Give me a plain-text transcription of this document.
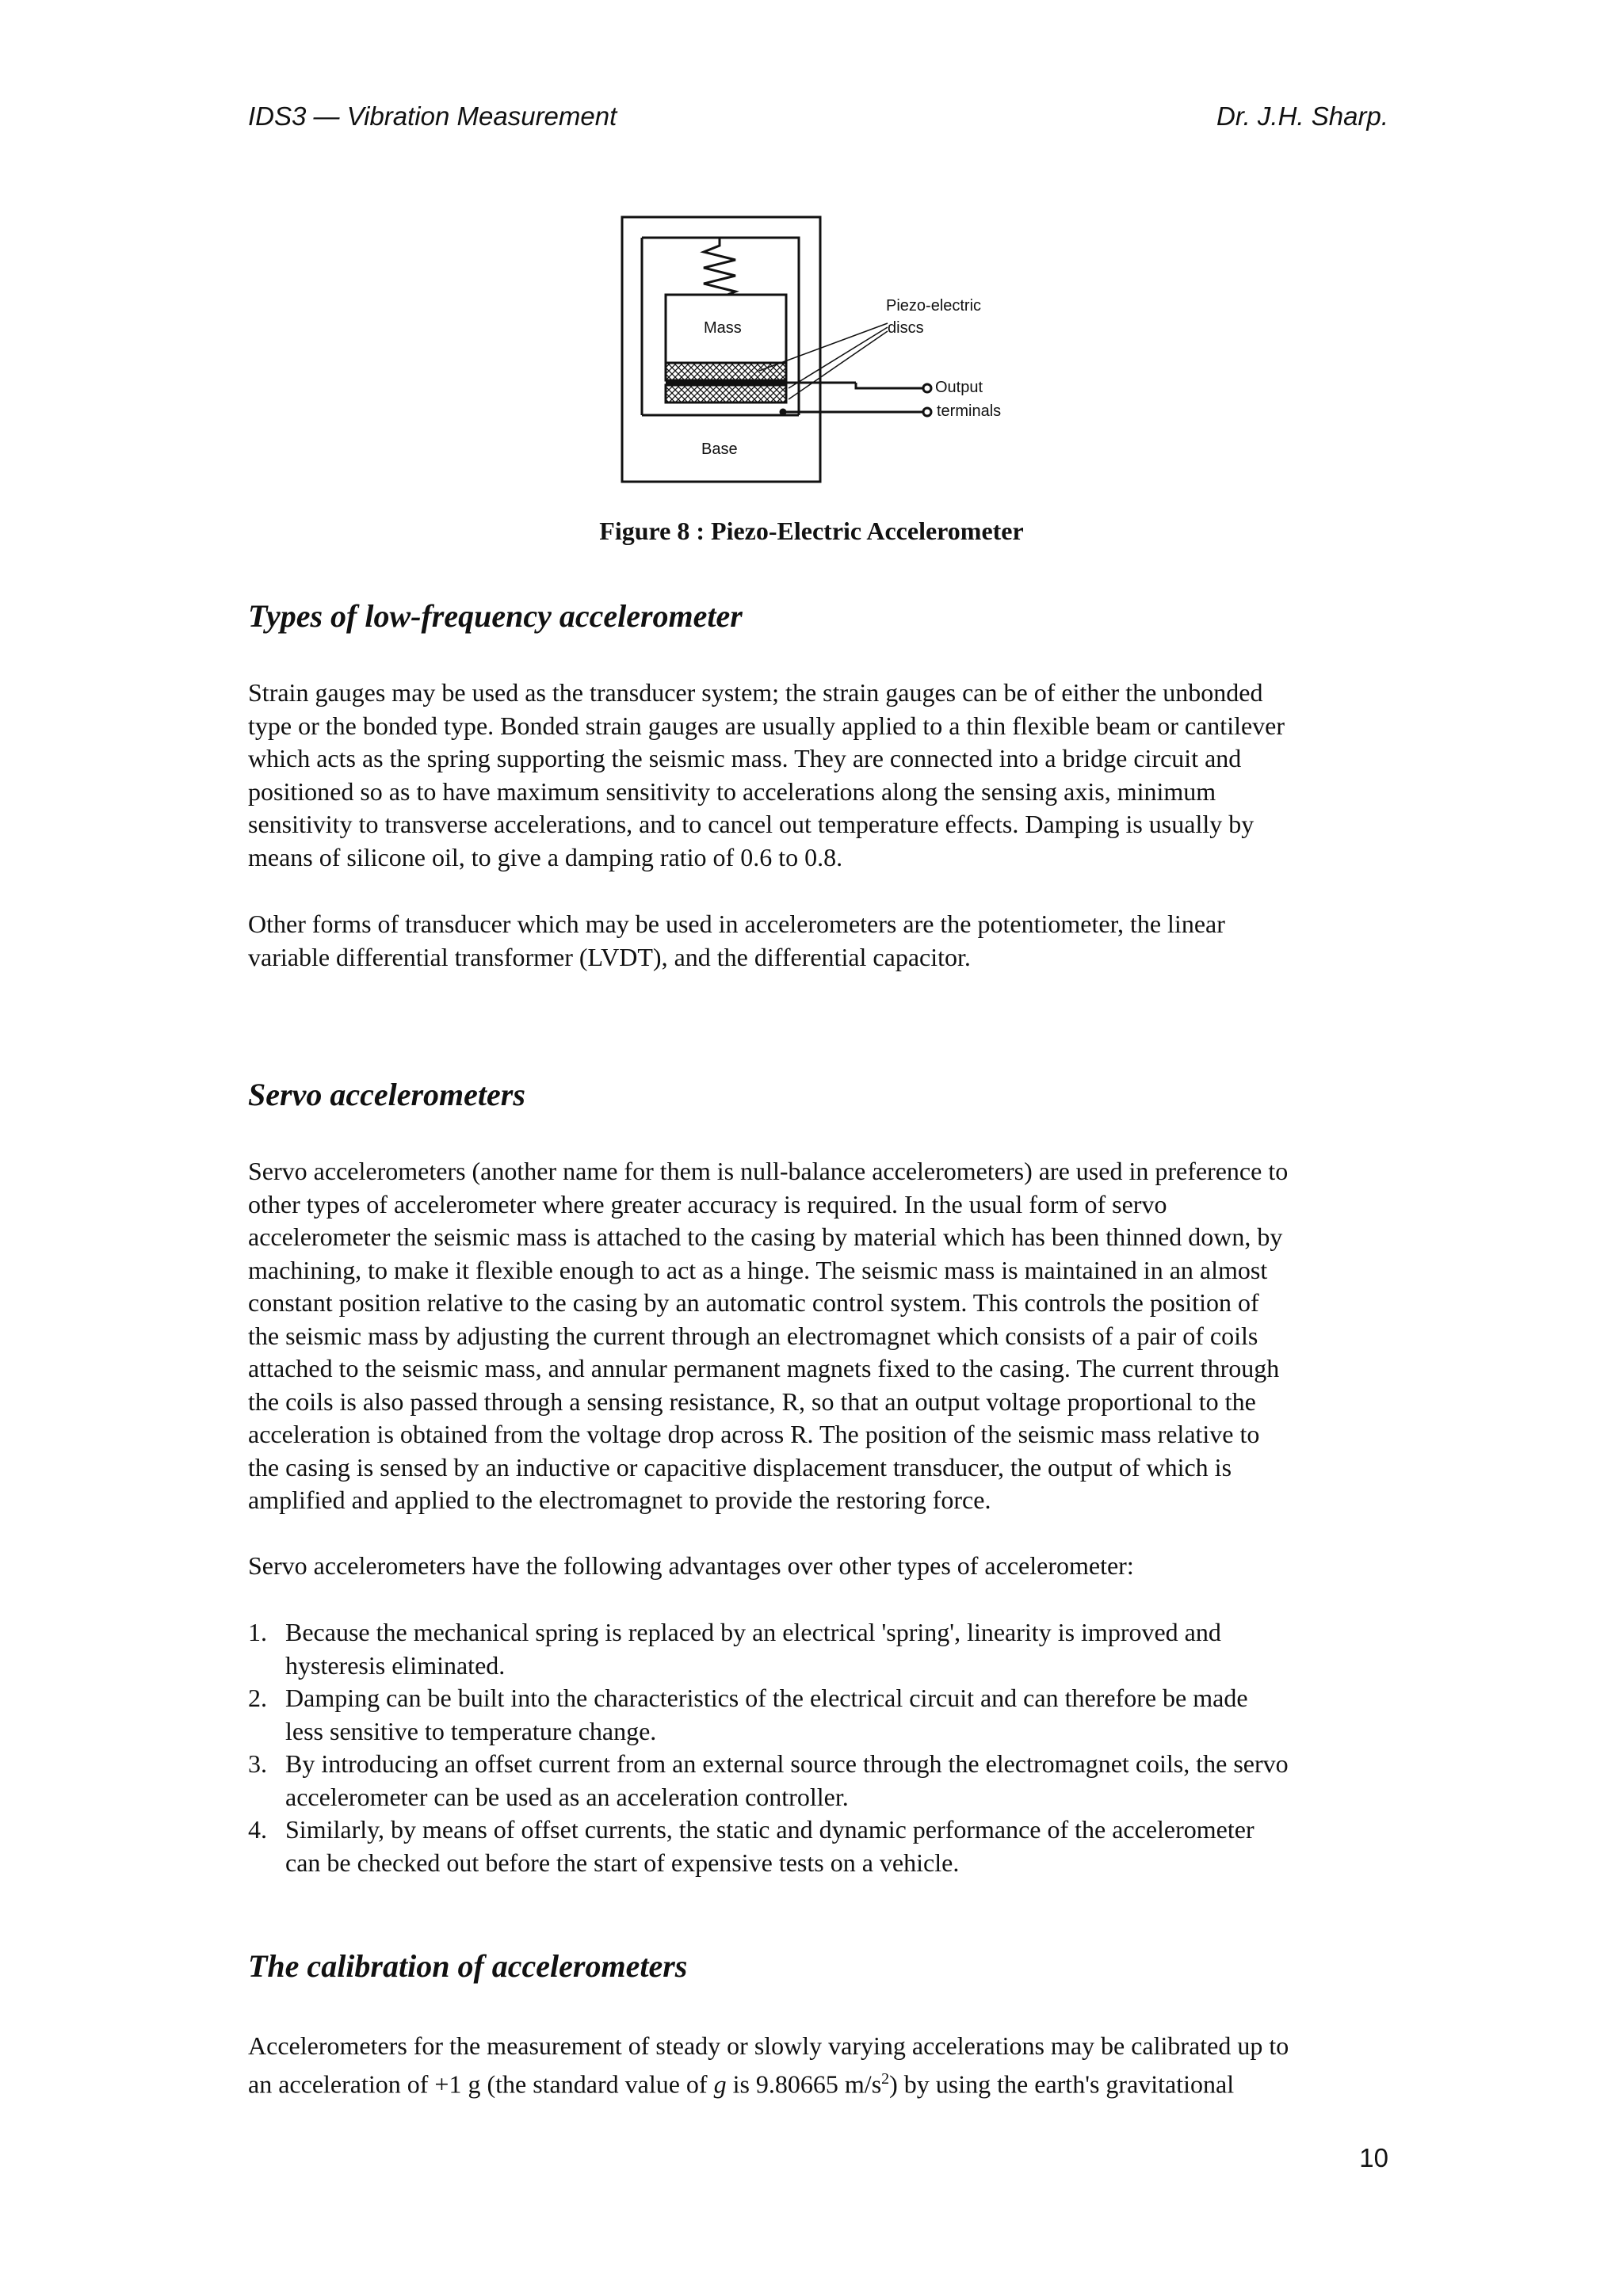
IDS3 — Vibration Measurement	Dr. J.H. Sharp.
Mass
Base
Piezo-electric
discs
Output
terminals
Figure 8 : Piezo-Electric Accelerometer
Types of low-frequency accelerometer
Strain gauges may be used as the transducer system; the strain gauges can be of either the unbonded
type or the bonded type. Bonded strain gauges are usually applied to a thin flexible beam or cantilever
which acts as the spring supporting the seismic mass. They are connected into a bridge circuit and
positioned so as to have maximum sensitivity to accelerations along the sensing axis, minimum
sensitivity to transverse accelerations, and to cancel out temperature effects. Damping is usually by
means of silicone oil, to give a damping ratio of 0.6 to 0.8.
Other forms of transducer which may be used in accelerometers are the potentiometer, the linear
variable differential transformer (LVDT), and the differential capacitor.
Servo accelerometers
Servo accelerometers (another name for them is null-balance accelerometers) are used in preference to
other types of accelerometer where greater accuracy is required. In the usual form of servo
accelerometer the seismic mass is attached to the casing by material which has been thinned down, by
machining, to make it flexible enough to act as a hinge. The seismic mass is maintained in an almost
constant position relative to the casing by an automatic control system. This controls the position of
the seismic mass by adjusting the current through an electromagnet which consists of a pair of coils
attached to the seismic mass, and annular permanent magnets fixed to the casing. The current through
the coils is also passed through a sensing resistance, R, so that an output voltage proportional to the
acceleration is obtained from the voltage drop across R. The position of the seismic mass relative to
the casing is sensed by an inductive or capacitive displacement transducer, the output of which is
amplified and applied to the electromagnet to provide the restoring force.

Servo accelerometers have the following advantages over other types of accelerometer:

1. Because the mechanical spring is replaced by an electrical 'spring', linearity is improved and
hysteresis eliminated.
2. Damping can be built into the characteristics of the electrical circuit and can therefore be made
less sensitive to temperature change.
3. By introducing an offset current from an external source through the electromagnet coils, the servo
accelerometer can be used as an acceleration controller.
4. Similarly, by means of offset currents, the static and dynamic performance of the accelerometer
can be checked out before the start of expensive tests on a vehicle.
The calibration of accelerometers
Accelerometers for the measurement of steady or slowly varying accelerations may be calibrated up to
an acceleration of +1 g (the standard value of g is 9.80665 $m/s^2$) by using the earth's gravitational
10
